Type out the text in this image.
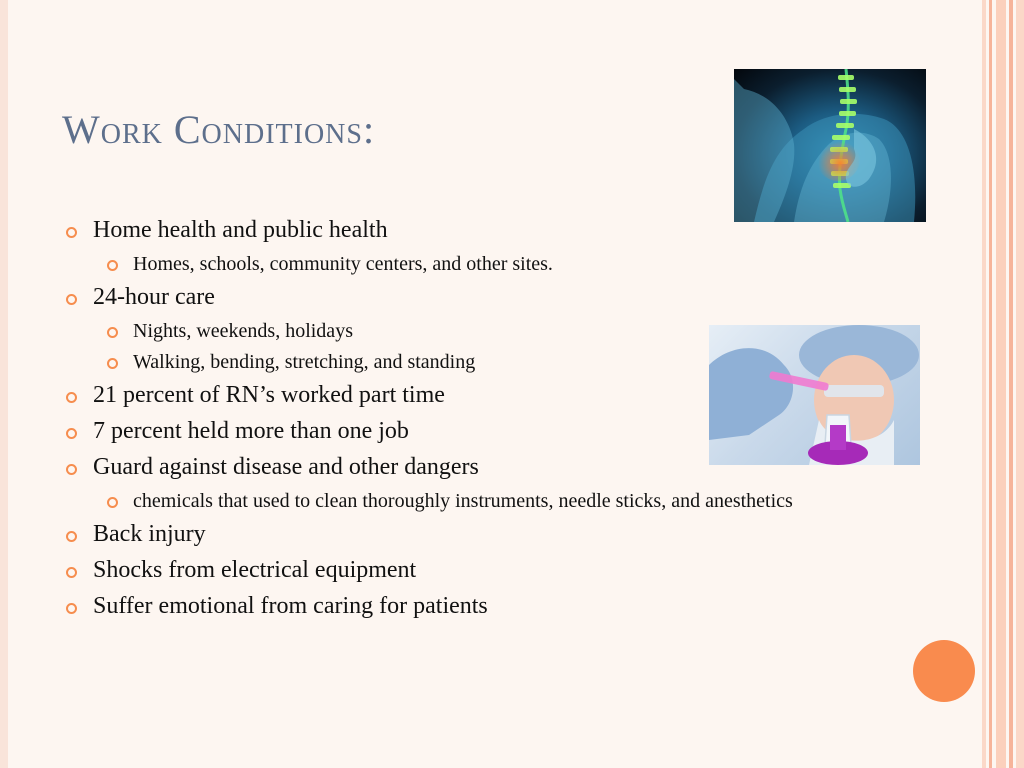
Work Conditions:
Home health and public health
Homes, schools, community centers, and other sites.
24-hour care
Nights, weekends, holidays
Walking, bending, stretching, and standing
21 percent of RN’s worked part time
7 percent held more than one job
Guard against disease and other dangers
chemicals that used to clean thoroughly instruments, needle sticks, and anesthetics
Back injury
Shocks from electrical equipment
Suffer emotional from caring for patients
